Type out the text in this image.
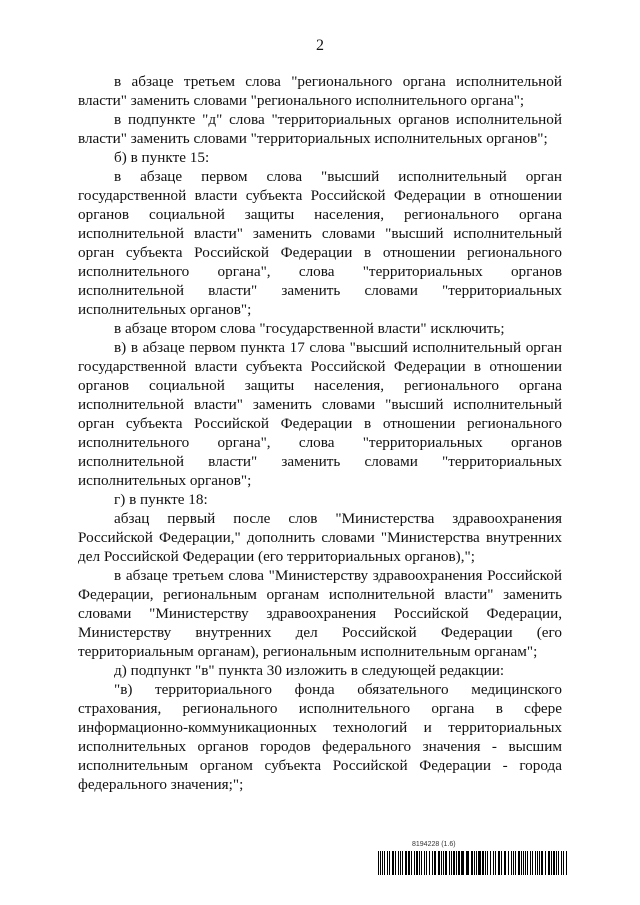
2

в абзаце третьем слова "регионального органа исполнительной власти" заменить словами "регионального исполнительного органа";

в подпункте "д" слова "территориальных органов исполнительной власти" заменить словами "территориальных исполнительных органов";

б) в пункте 15:

в абзаце первом слова "высший исполнительный орган государственной власти субъекта Российской Федерации в отношении органов социальной защиты населения, регионального органа исполнительной власти" заменить словами "высший исполнительный орган субъекта Российской Федерации в отношении регионального исполнительного органа", слова "территориальных органов исполнительной власти" заменить словами "территориальных исполнительных органов";

в абзаце втором слова "государственной власти" исключить;

в) в абзаце первом пункта 17 слова "высший исполнительный орган государственной власти субъекта Российской Федерации в отношении органов социальной защиты населения, регионального органа исполнительной власти" заменить словами "высший исполнительный орган субъекта Российской Федерации в отношении регионального исполнительного органа", слова "территориальных органов исполнительной власти" заменить словами "территориальных исполнительных органов";

г) в пункте 18:

абзац первый после слов "Министерства здравоохранения Российской Федерации," дополнить словами "Министерства внутренних дел Российской Федерации (его территориальных органов),";

в абзаце третьем слова "Министерству здравоохранения Российской Федерации, региональным органам исполнительной власти" заменить словами "Министерству здравоохранения Российской Федерации, Министерству внутренних дел Российской Федерации (его территориальным органам), региональным исполнительным органам";

д) подпункт "в" пункта 30 изложить в следующей редакции:

"в) территориального фонда обязательного медицинского страхования, регионального исполнительного органа в сфере информационно-коммуникационных технологий и территориальных исполнительных органов городов федерального значения - высшим исполнительным органом субъекта Российской Федерации - города федерального значения;";

8194228 (1.6)
